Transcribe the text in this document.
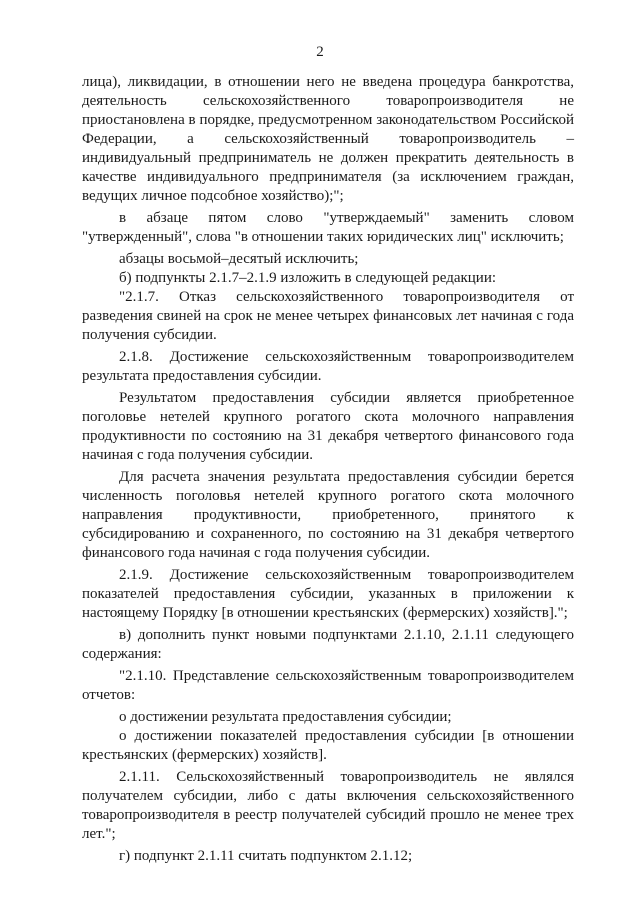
2

лица), ликвидации, в отношении него не введена процедура банкротства, деятельность сельскохозяйственного товаропроизводителя не приостановлена в порядке, предусмотренном законодательством Российской Федерации, а сельскохозяйственный товаропроизводитель – индивидуальный предприниматель не должен прекратить деятельность в качестве индивидуального предпринимателя (за исключением граждан, ведущих личное подсобное хозяйство);";

в абзаце пятом слово "утверждаемый" заменить словом "утвержденный", слова "в отношении таких юридических лиц" исключить;

абзацы восьмой–десятый исключить;

б) подпункты 2.1.7–2.1.9 изложить в следующей редакции:

"2.1.7. Отказ сельскохозяйственного товаропроизводителя от разведения свиней на срок не менее четырех финансовых лет начиная с года получения субсидии.

2.1.8. Достижение сельскохозяйственным товаропроизводителем результата предоставления субсидии.

Результатом предоставления субсидии является приобретенное поголовье нетелей крупного рогатого скота молочного направления продуктивности по состоянию на 31 декабря четвертого финансового года начиная с года получения субсидии.

Для расчета значения результата предоставления субсидии берется численность поголовья нетелей крупного рогатого скота молочного направления продуктивности, приобретенного, принятого к субсидированию и сохраненного, по состоянию на 31 декабря четвертого финансового года начиная с года получения субсидии.

2.1.9. Достижение сельскохозяйственным товаропроизводителем показателей предоставления субсидии, указанных в приложении к настоящему Порядку [в отношении крестьянских (фермерских) хозяйств].";

в) дополнить пункт новыми подпунктами 2.1.10, 2.1.11 следующего содержания:

"2.1.10. Представление сельскохозяйственным товаропроизводителем отчетов:

о достижении результата предоставления субсидии;

о достижении показателей предоставления субсидии [в отношении крестьянских (фермерских) хозяйств].

2.1.11. Сельскохозяйственный товаропроизводитель не являлся получателем субсидии, либо с даты включения сельскохозяйственного товаропроизводителя в реестр получателей субсидий прошло не менее трех лет.";

г) подпункт 2.1.11 считать подпунктом 2.1.12;
